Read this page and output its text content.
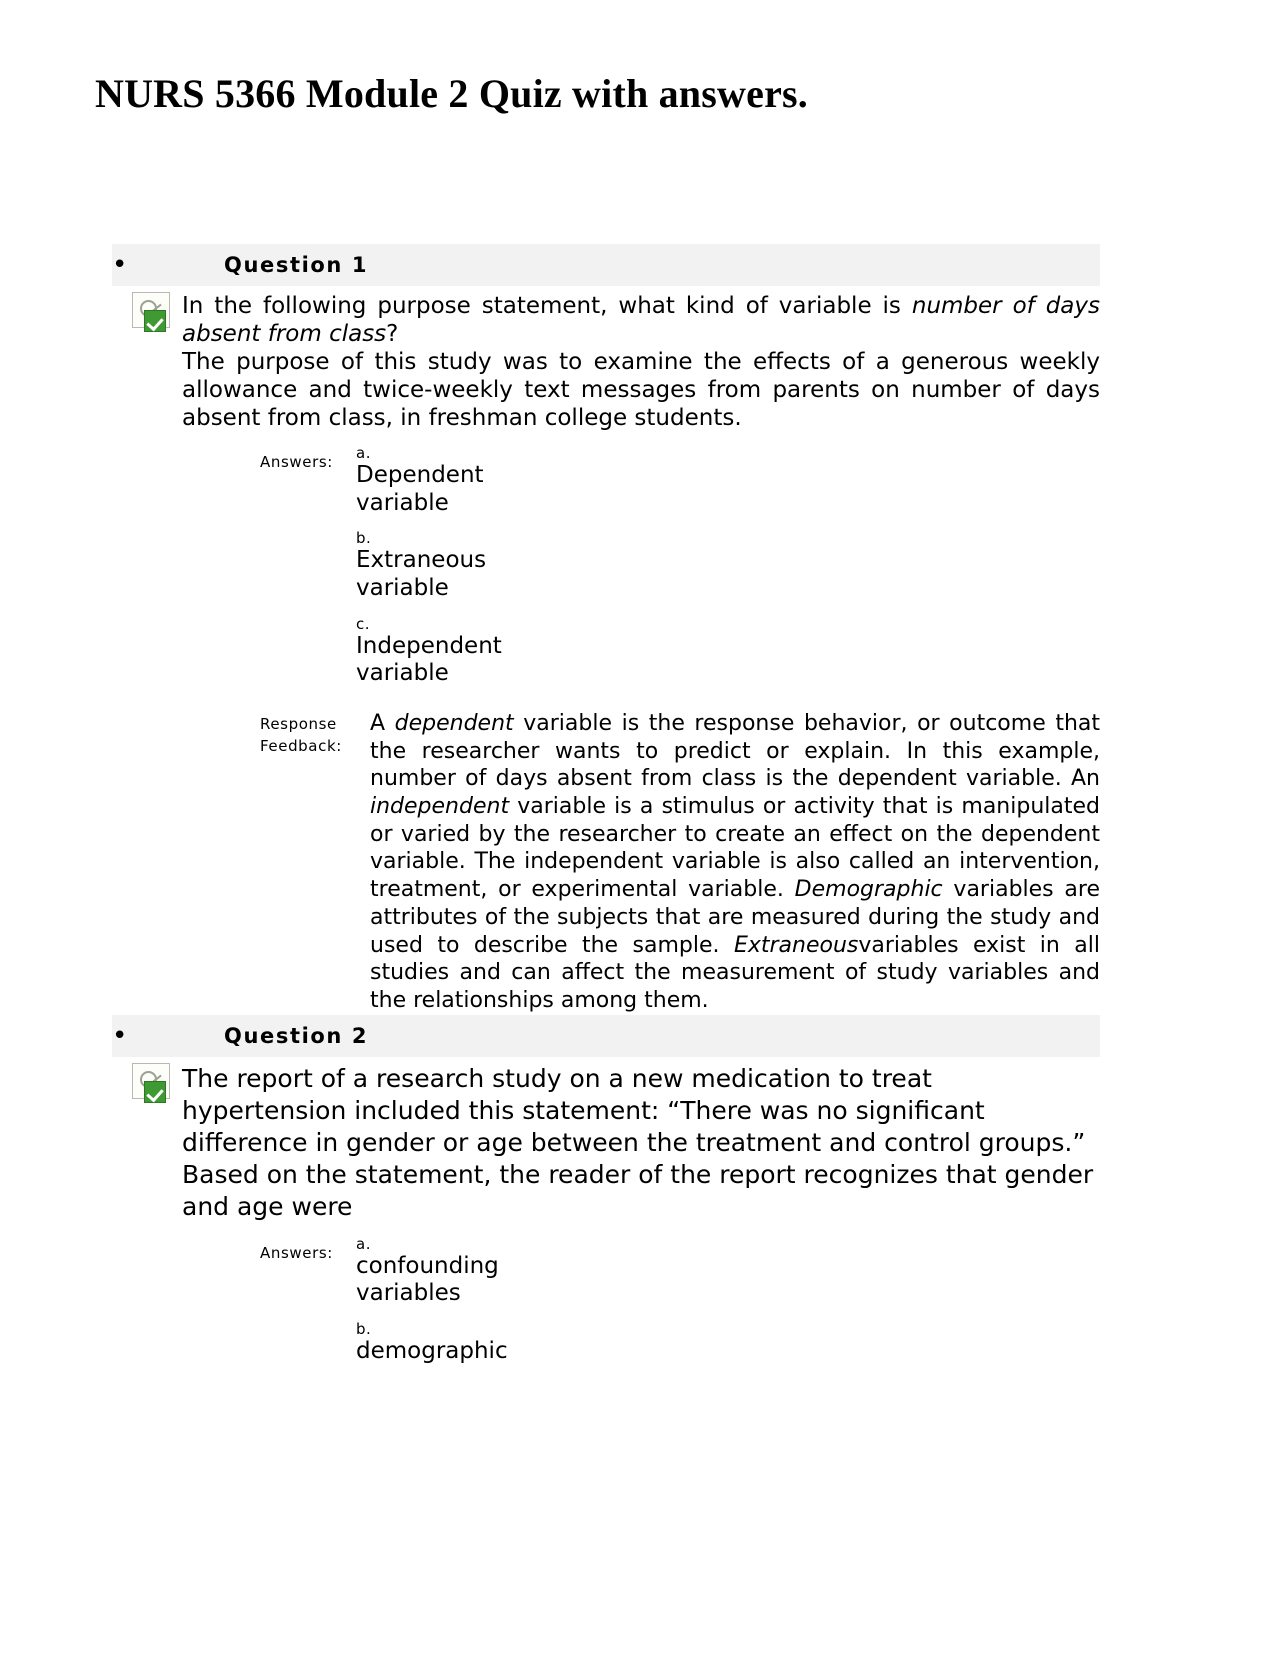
NURS 5366 Module 2 Quiz with answers.
•	Question 1

In the following purpose statement, what kind of variable is number of days absent from class?

The purpose of this study was to examine the effects of a generous weekly allowance and twice-weekly text messages from parents on number of days absent from class, in freshman college students.

Answers:	a.
Dependent variable
b.
Extraneous variable
c.
Independent variable
Response Feedback:
A dependent variable is the response behavior, or outcome that the researcher wants to predict or explain. In this example, number of days absent from class is the dependent variable. An independent variable is a stimulus or activity that is manipulated or varied by the researcher to create an effect on the dependent variable. The independent variable is also called an intervention, treatment, or experimental variable. Demographic variables are attributes of the subjects that are measured during the study and used to describe the sample. Extraneousvariables exist in all studies and can affect the measurement of study variables and the relationships among them.
•	Question 2

The report of a research study on a new medication to treat hypertension included this statement: “There was no significant difference in gender or age between the treatment and control groups.” Based on the statement, the reader of the report recognizes that gender and age were

Answers:	a.
confounding variables
b.
demographic
